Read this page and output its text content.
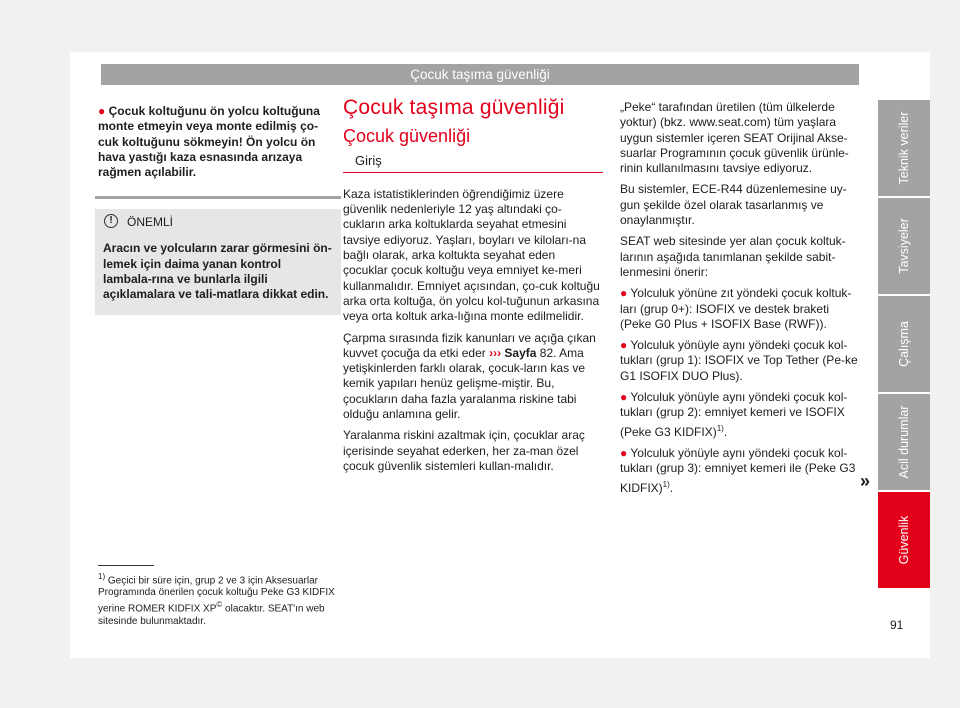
Çocuk taşıma güvenliği
● Çocuk koltuğunu ön yolcu koltuğuna monte etmeyin veya monte edilmiş ço-cuk koltuğunu sökmeyin! Ön yolcu ön hava yastığı kaza esnasında arızaya rağmen açılabilir.
!	ÖNEMLİ
Aracın ve yolcuların zarar görmesini ön-lemek için daima yanan kontrol lambala-rına ve bunlarla ilgili açıklamalara ve tali-matlara dikkat edin.
$^{1)}$ Geçici bir süre için, grup 2 ve 3 için Aksesuarlar Programında önerilen çocuk koltuğu Peke G3 KIDFIX yerine ROMER KIDFIX XP© olacaktır. SEAT'ın web sitesinde bulunmaktadır.
Çocuk taşıma güvenliği
Çocuk güvenliği
Giriş

Kaza istatistiklerinden öğrendiğimiz üzere güvenlik nedenleriyle 12 yaş altındaki ço-cukların arka koltuklarda seyahat etmesini tavsiye ediyoruz. Yaşları, boyları ve kiloları-na bağlı olarak, arka koltukta seyahat eden çocuklar çocuk koltuğu veya emniyet ke-meri kullanmalıdır. Emniyet açısından, ço-cuk koltuğu arka orta koltuğa, ön yolcu kol-tuğunun arkasına veya orta koltuk arka-lığına monte edilmelidir.

Çarpma sırasında fizik kanunları ve açığa çıkan kuvvet çocuğa da etki eder ››› Sayfa 82. Ama yetişkinlerden farklı olarak, çocuk-ların kas ve kemik yapıları henüz gelişme-miştir. Bu, çocukların daha fazla yaralanma riskine tabi olduğu anlamına gelir.

Yaralanma riskini azaltmak için, çocuklar araç içerisinde seyahat ederken, her za-man özel çocuk güvenlik sistemleri kullan-malıdır.

„Peke“ tarafından üretilen (tüm ülkelerde yoktur) (bkz. www.seat.com) tüm yaşlara uygun sistemler içeren SEAT Orijinal Akse-suarlar Programının çocuk güvenlik ürünle-rinin kullanılmasını tavsiye ediyoruz.

Bu sistemler, ECE-R44 düzenlemesine uy-gun şekilde özel olarak tasarlanmış ve onaylanmıştır.

SEAT web sitesinde yer alan çocuk koltuk-larının aşağıda tanımlanan şekilde sabit-lenmesini önerir:

● Yolculuk yönüne zıt yöndeki çocuk koltuk-ları (grup 0+): ISOFIX ve destek braketi (Peke G0 Plus + ISOFIX Base (RWF)).

● Yolculuk yönüyle aynı yöndeki çocuk kol-tukları (grup 1): ISOFIX ve Top Tether (Pe-ke G1 ISOFIX DUO Plus).

● Yolculuk yönüyle aynı yöndeki çocuk kol-tukları (grup 2): emniyet kemeri ve ISOFIX (Peke G3 KIDFIX)$^{1)}$.

● Yolculuk yönüyle aynı yöndeki çocuk kol-tukları (grup 3): emniyet kemeri ile (Peke G3 KIDFIX)$^{1)}$.	»
Teknik veriler
Tavsiyeler
Çalışma
Acil durumlar
Güvenlik
91
